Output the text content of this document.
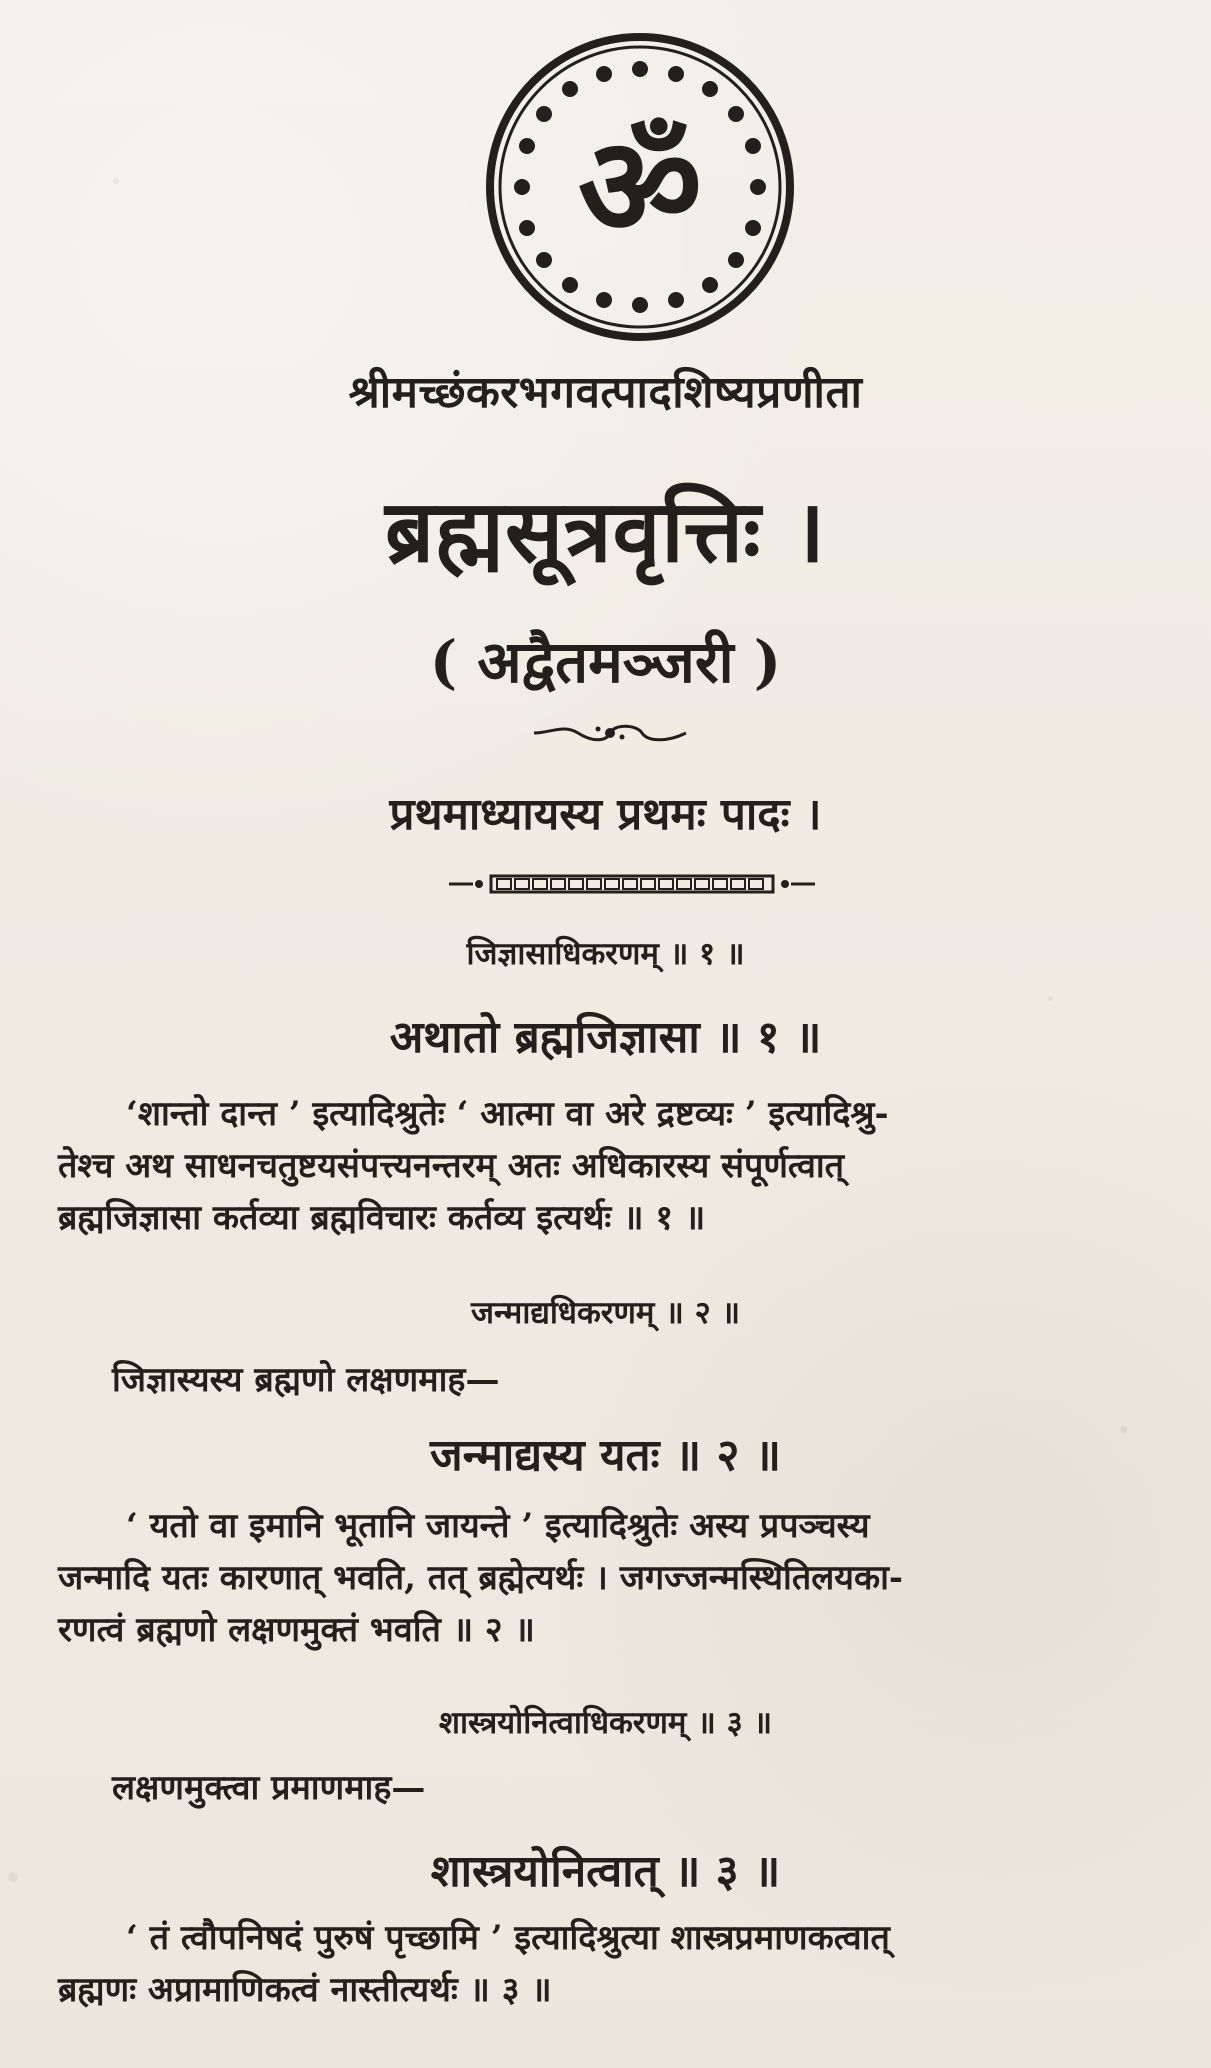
ॐ
श्रीमच्छंकरभगवत्पादशिष्यप्रणीता
ब्रह्मसूत्रवृत्तिः ।
( अद्वैतमञ्जरी )
प्रथमाध्यायस्य प्रथमः पादः ।

जिज्ञासाधिकरणम् ॥ १ ॥

अथातो ब्रह्मजिज्ञासा ॥ १ ॥

‘शान्तो दान्त ’ इत्यादिश्रुतेः ‘ आत्मा वा अरे द्रष्टव्यः ’ इत्यादिश्रु-
तेश्च अथ साधनचतुष्टयसंपत्त्यनन्तरम् अतः अधिकारस्य संपूर्णत्वात्
ब्रह्मजिज्ञासा कर्तव्या ब्रह्मविचारः कर्तव्य इत्यर्थः ॥ १ ॥

जन्माद्यधिकरणम् ॥ २ ॥

जिज्ञास्यस्य ब्रह्मणो लक्षणमाह—

जन्माद्यस्य यतः ॥ २ ॥

‘ यतो वा इमानि भूतानि जायन्ते ’ इत्यादिश्रुतेः अस्य प्रपञ्चस्य
जन्मादि यतः कारणात् भवति, तत् ब्रह्मेत्यर्थः । जगज्जन्मस्थितिलयका-
रणत्वं ब्रह्मणो लक्षणमुक्तं भवति ॥ २ ॥

शास्त्रयोनित्वाधिकरणम् ॥ ३ ॥

लक्षणमुक्त्वा प्रमाणमाह—

शास्त्रयोनित्वात् ॥ ३ ॥

‘ तं त्वौपनिषदं पुरुषं पृच्छामि ’ इत्यादिश्रुत्या शास्त्रप्रमाणकत्वात्
ब्रह्मणः अप्रामाणिकत्वं नास्तीत्यर्थः ॥ ३ ॥
